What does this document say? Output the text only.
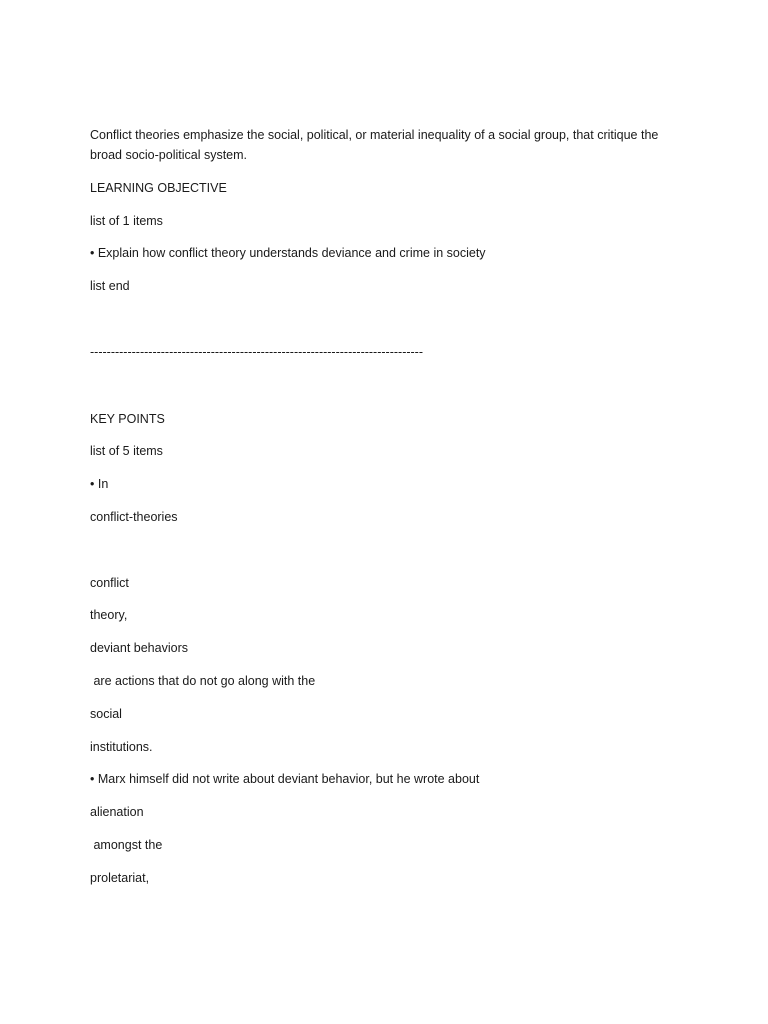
Conflict theories emphasize the social, political, or material inequality of a social group, that critique the broad socio-political system.

LEARNING OBJECTIVE

list of 1 items

• Explain how conflict theory understands deviance and crime in society

list end

--------------------------------------------------------------------------------

KEY POINTS

list of 5 items

• In

conflict-theories

conflict

theory,

deviant behaviors

are actions that do not go along with the

social

institutions.

• Marx himself did not write about deviant behavior, but he wrote about

alienation

amongst the

proletariat,
